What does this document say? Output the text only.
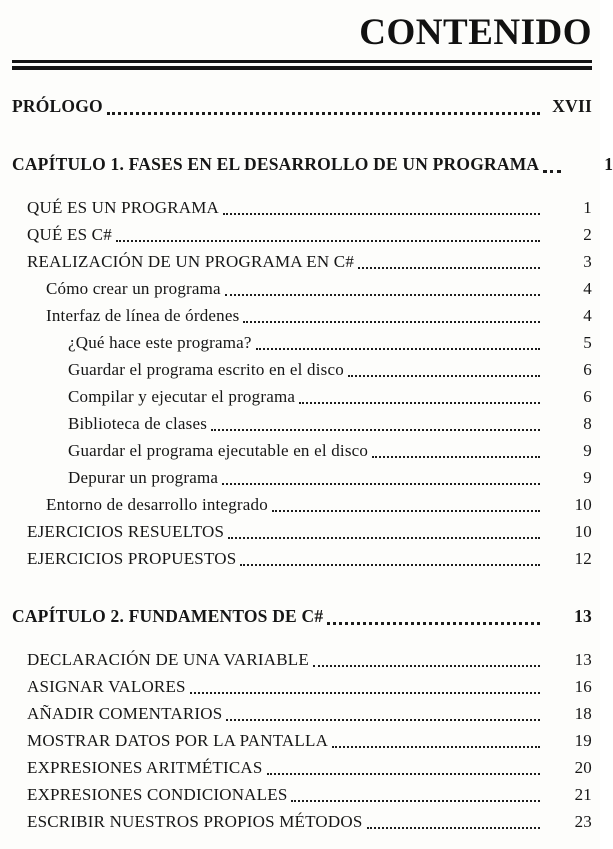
CONTENIDO
PRÓLOGO	XVII
CAPÍTULO 1. FASES EN EL DESARROLLO DE UN PROGRAMA	1
QUÉ ES UN PROGRAMA	1
QUÉ ES C#	2
REALIZACIÓN DE UN PROGRAMA EN C#	3
Cómo crear un programa	4
Interfaz de línea de órdenes	4
¿Qué hace este programa?	5
Guardar el programa escrito en el disco	6
Compilar y ejecutar el programa	6
Biblioteca de clases	8
Guardar el programa ejecutable en el disco	9
Depurar un programa	9
Entorno de desarrollo integrado	10
EJERCICIOS RESUELTOS	10
EJERCICIOS PROPUESTOS	12
CAPÍTULO 2. FUNDAMENTOS DE C#	13
DECLARACIÓN DE UNA VARIABLE	13
ASIGNAR VALORES	16
AÑADIR COMENTARIOS	18
MOSTRAR DATOS POR LA PANTALLA	19
EXPRESIONES ARITMÉTICAS	20
EXPRESIONES CONDICIONALES	21
ESCRIBIR NUESTROS PROPIOS MÉTODOS	23
